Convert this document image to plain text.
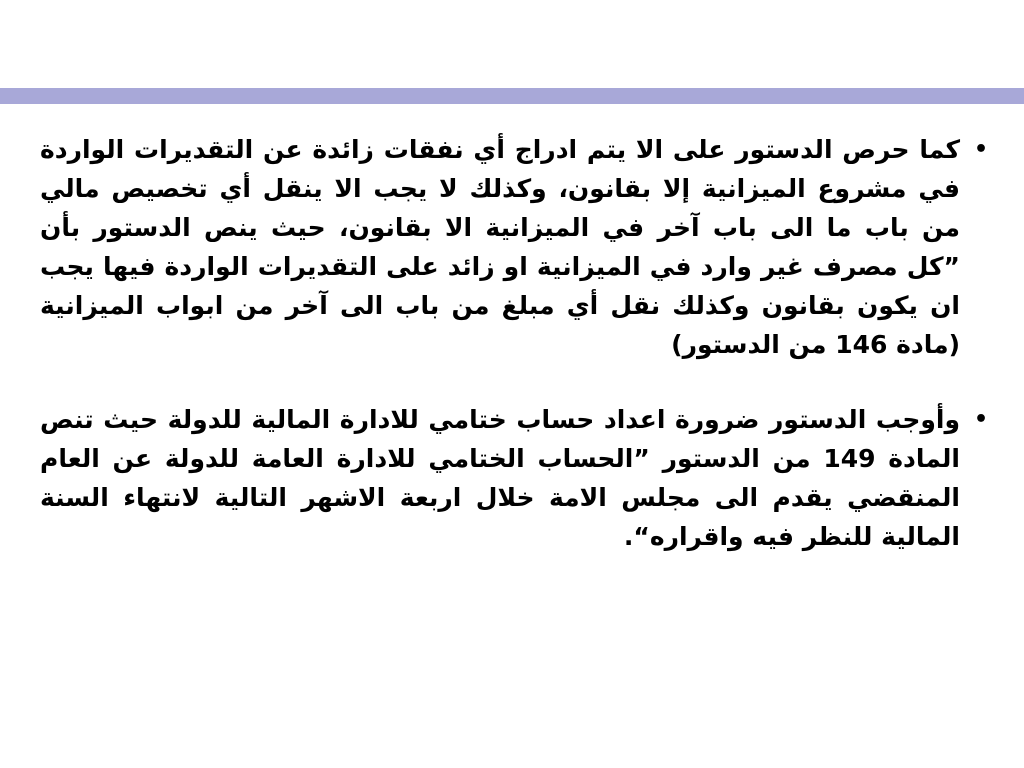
•
كما حرص الدستور على الا يتم ادراج أي نفقات زائدة عن التقديرات الواردة في مشروع الميزانية إلا بقانون، وكذلك لا يجب الا ينقل أي تخصيص مالي من باب ما الى باب آخر في الميزانية الا بقانون، حيث ينص الدستور بأن ”كل مصرف غير وارد في الميزانية او زائد على التقديرات الواردة فيها يجب ان يكون بقانون وكذلك نقل أي مبلغ من باب الى آخر من ابواب الميزانية (مادة 146 من الدستور)
•
وأوجب الدستور ضرورة اعداد حساب ختامي للادارة المالية للدولة حيث تنص المادة 149 من الدستور ”الحساب الختامي للادارة العامة للدولة عن العام المنقضي يقدم الى مجلس الامة خلال اربعة الاشهر التالية لانتهاء السنة المالية للنظر فيه واقراره“.
